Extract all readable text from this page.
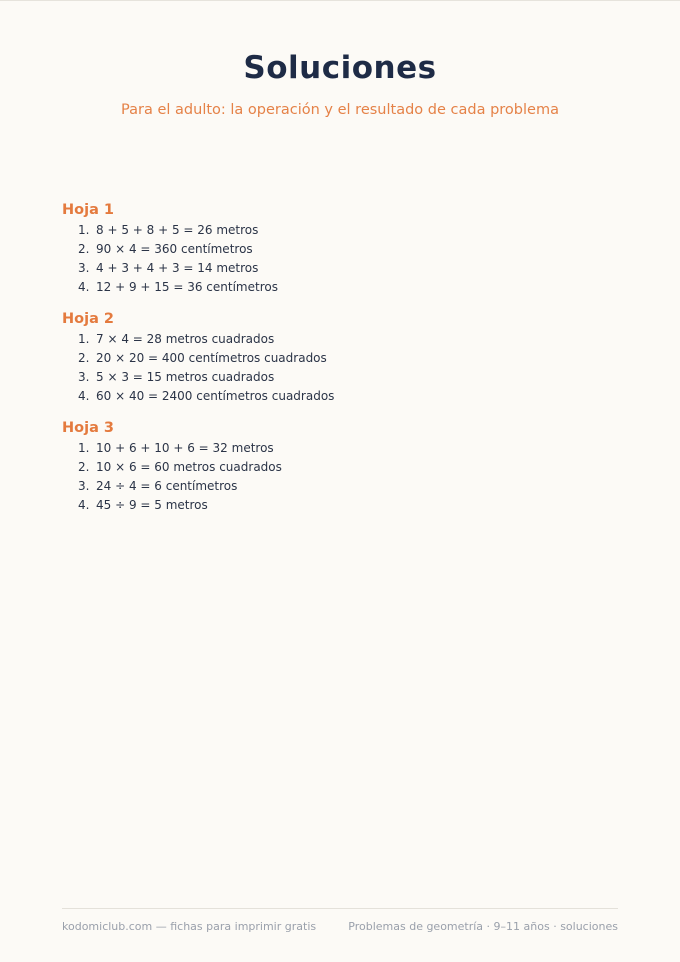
Soluciones
Para el adulto: la operación y el resultado de cada problema
Hoja 1
1. 8 + 5 + 8 + 5 = 26 metros
2. 90 × 4 = 360 centímetros
3. 4 + 3 + 4 + 3 = 14 metros
4. 12 + 9 + 15 = 36 centímetros
Hoja 2
1. 7 × 4 = 28 metros cuadrados
2. 20 × 20 = 400 centímetros cuadrados
3. 5 × 3 = 15 metros cuadrados
4. 60 × 40 = 2400 centímetros cuadrados
Hoja 3
1. 10 + 6 + 10 + 6 = 32 metros
2. 10 × 6 = 60 metros cuadrados
3. 24 ÷ 4 = 6 centímetros
4. 45 ÷ 9 = 5 metros
kodomiclub.com — fichas para imprimir gratis	Problemas de geometría · 9–11 años · soluciones
